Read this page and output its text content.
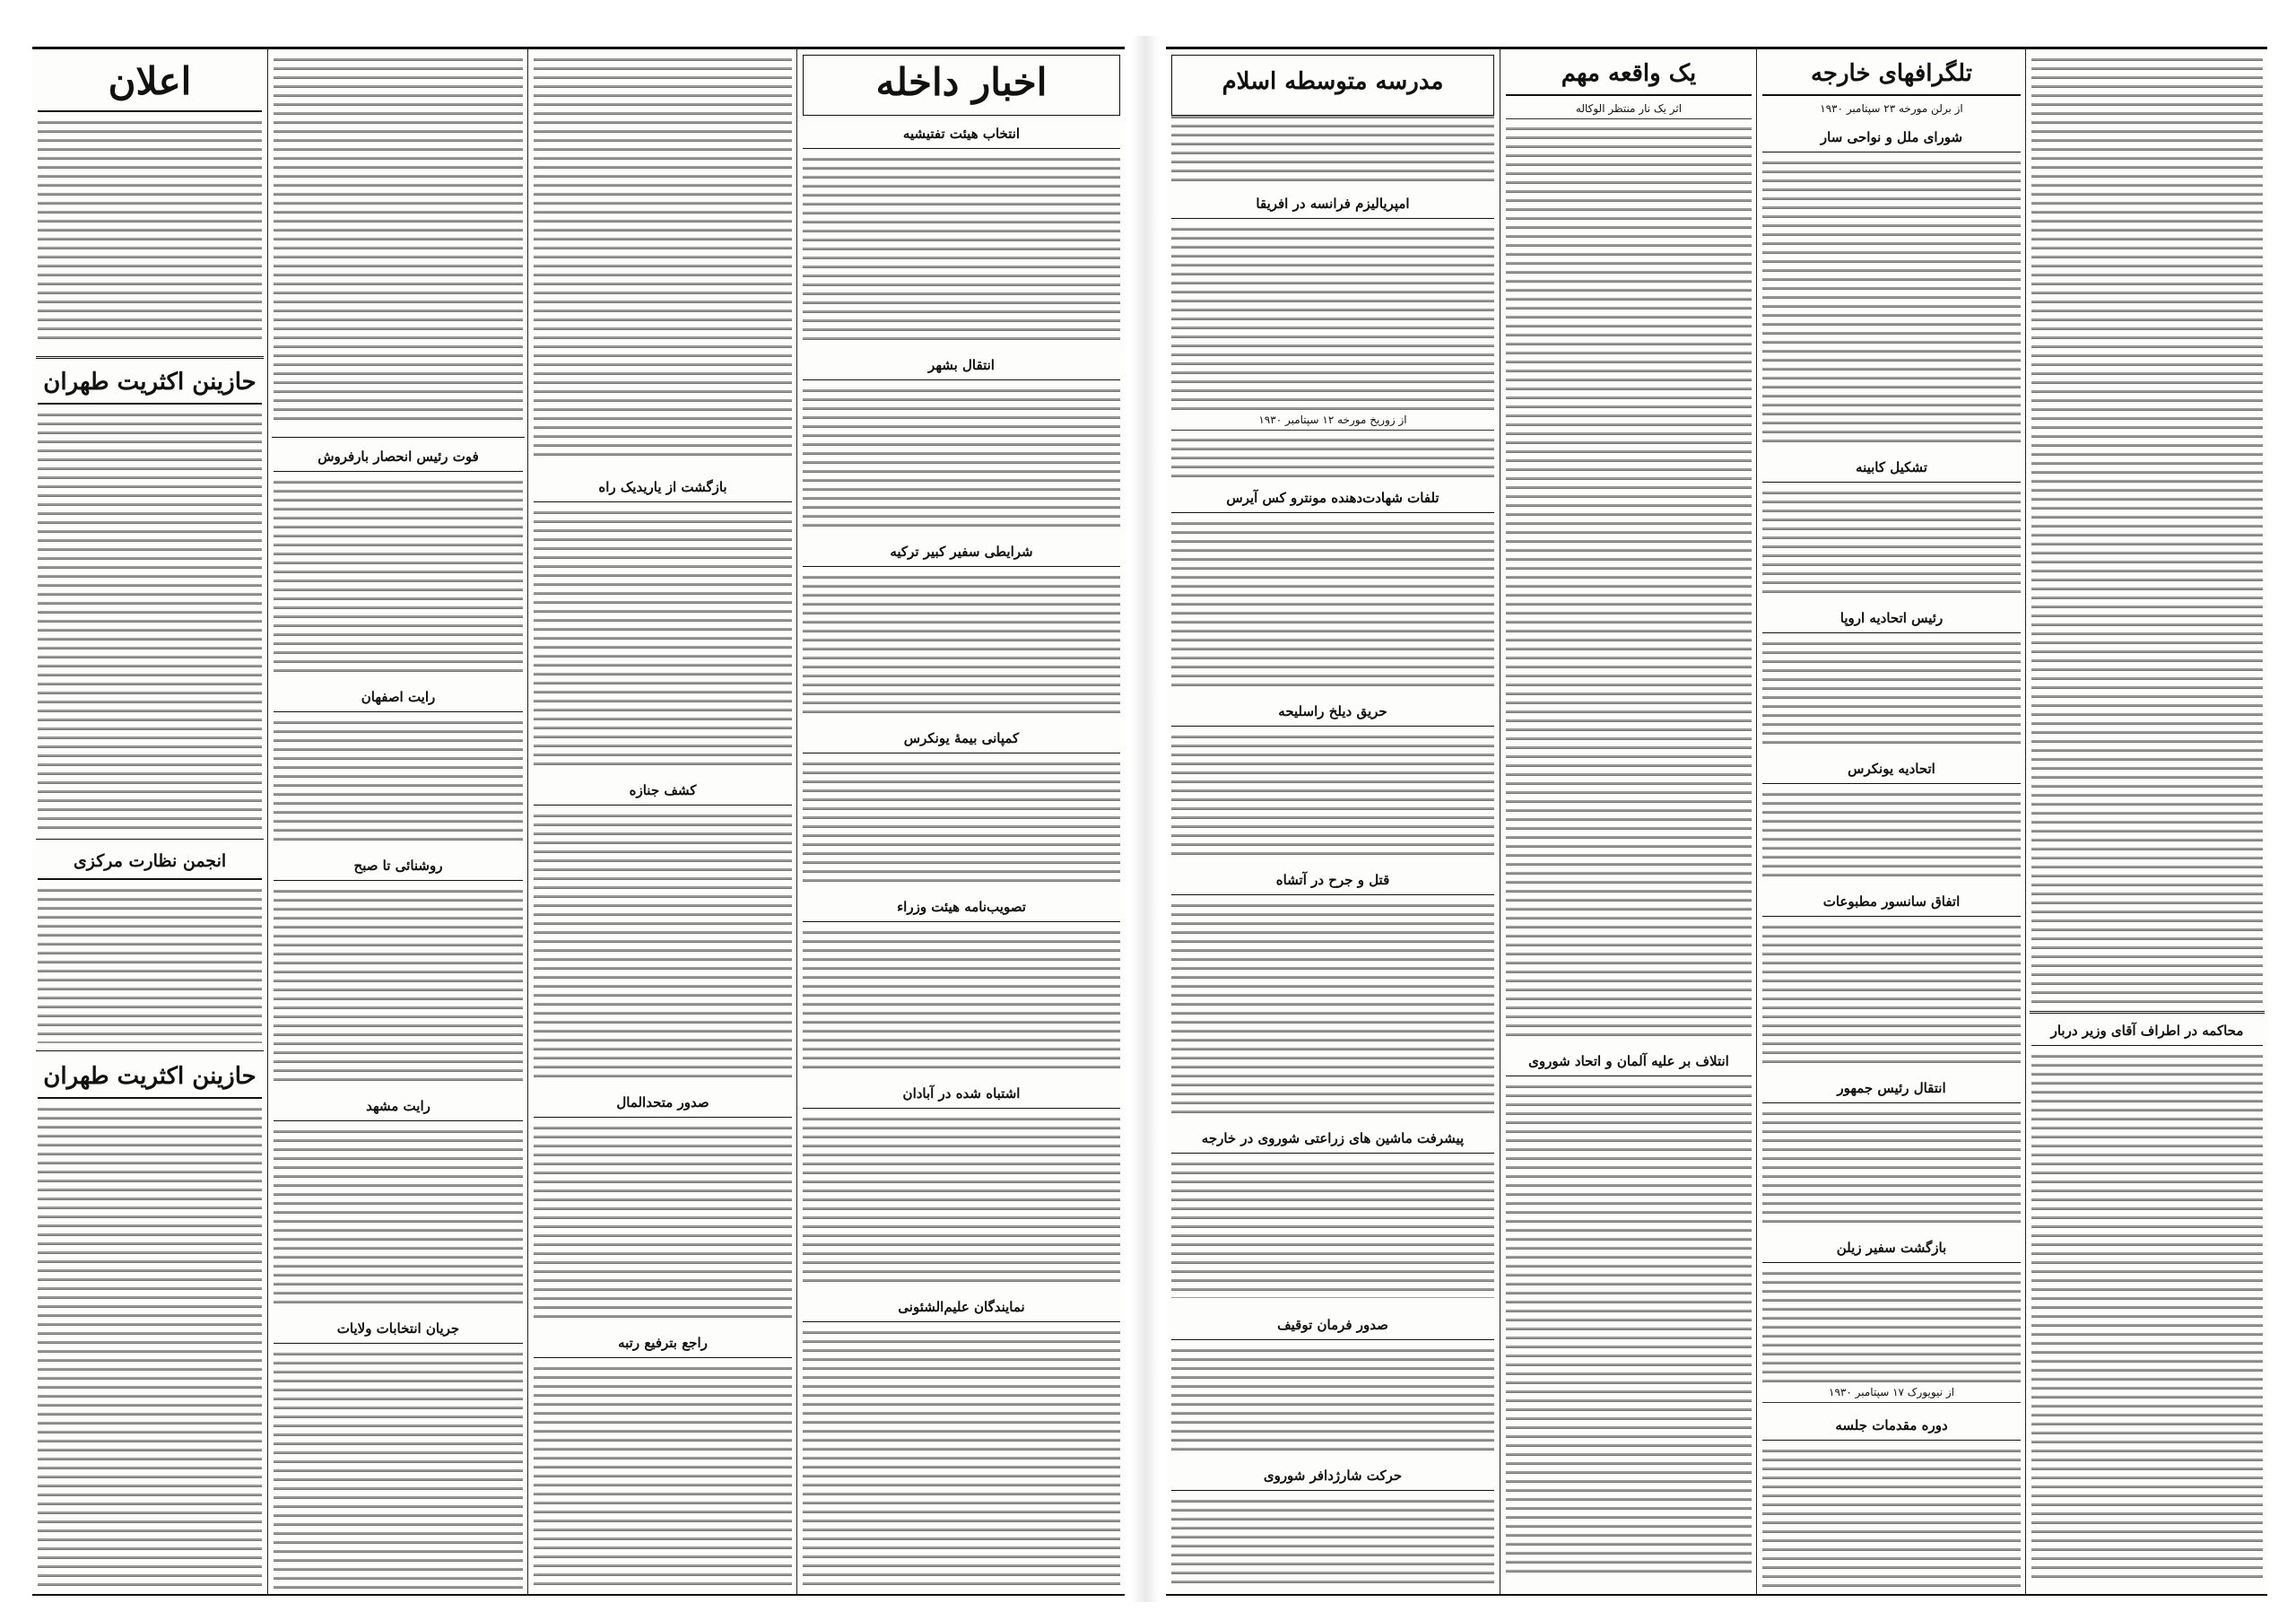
اعلان
حازینن اکثریت طهران
انجمن نظارت مرکزی
حازینن اکثریت طهران
فوت رئیس انحصار بارفروش
رایت اصفهان
روشنائی تا صبح
رایت مشهد
جریان انتخابات ولایات
بازگشت از یاریدیک راه
کشف جنازه
صدور متحدالمال
راجع بترفیع رتبه
اخبار داخله
انتخاب هیئت تفتیشیه
انتقال بشهر
شرایطی سفیر کبیر ترکیه
کمپانی بیمهٔ یونکرس
تصویب‌نامه هیئت وزراء
اشتباه شده در آبادان
نمایندگان علیم‌الشئونی
مدرسه متوسطه اسلام
امپریالیزم فرانسه در افریقا
از زوریخ مورخه ۱۲ سپتامبر ۱۹۳۰
تلفات شهادت‌دهنده مونترو کس آیرس
حریق دیلخ راسلیحه
قتل و جرح در آتشاه
پیشرفت ماشین های زراعتی شوروی در خارجه
صدور فرمان توقیف
حرکت شارژدافر شوروی
یک واقعه مهم
اثر یک نار منتظر الوکاله
انتلاف بر علیه آلمان و اتحاد شوروی
تلگرافهای خارجه
از برلن مورخه ۲۳ سپتامبر ۱۹۳۰
شورای ملل و نواحی سار
تشکیل کابینه
رئیس اتحادیه اروپا
اتحادیه یونکرس
اتفاق سانسور مطبوعات
انتقال رئیس جمهور
بازگشت سفیر زیلن
از نیویورک ۱۷ سپتامبر ۱۹۳۰
دوره مقدمات جلسه
محاکمه در اطراف آقای وزیر دربار
